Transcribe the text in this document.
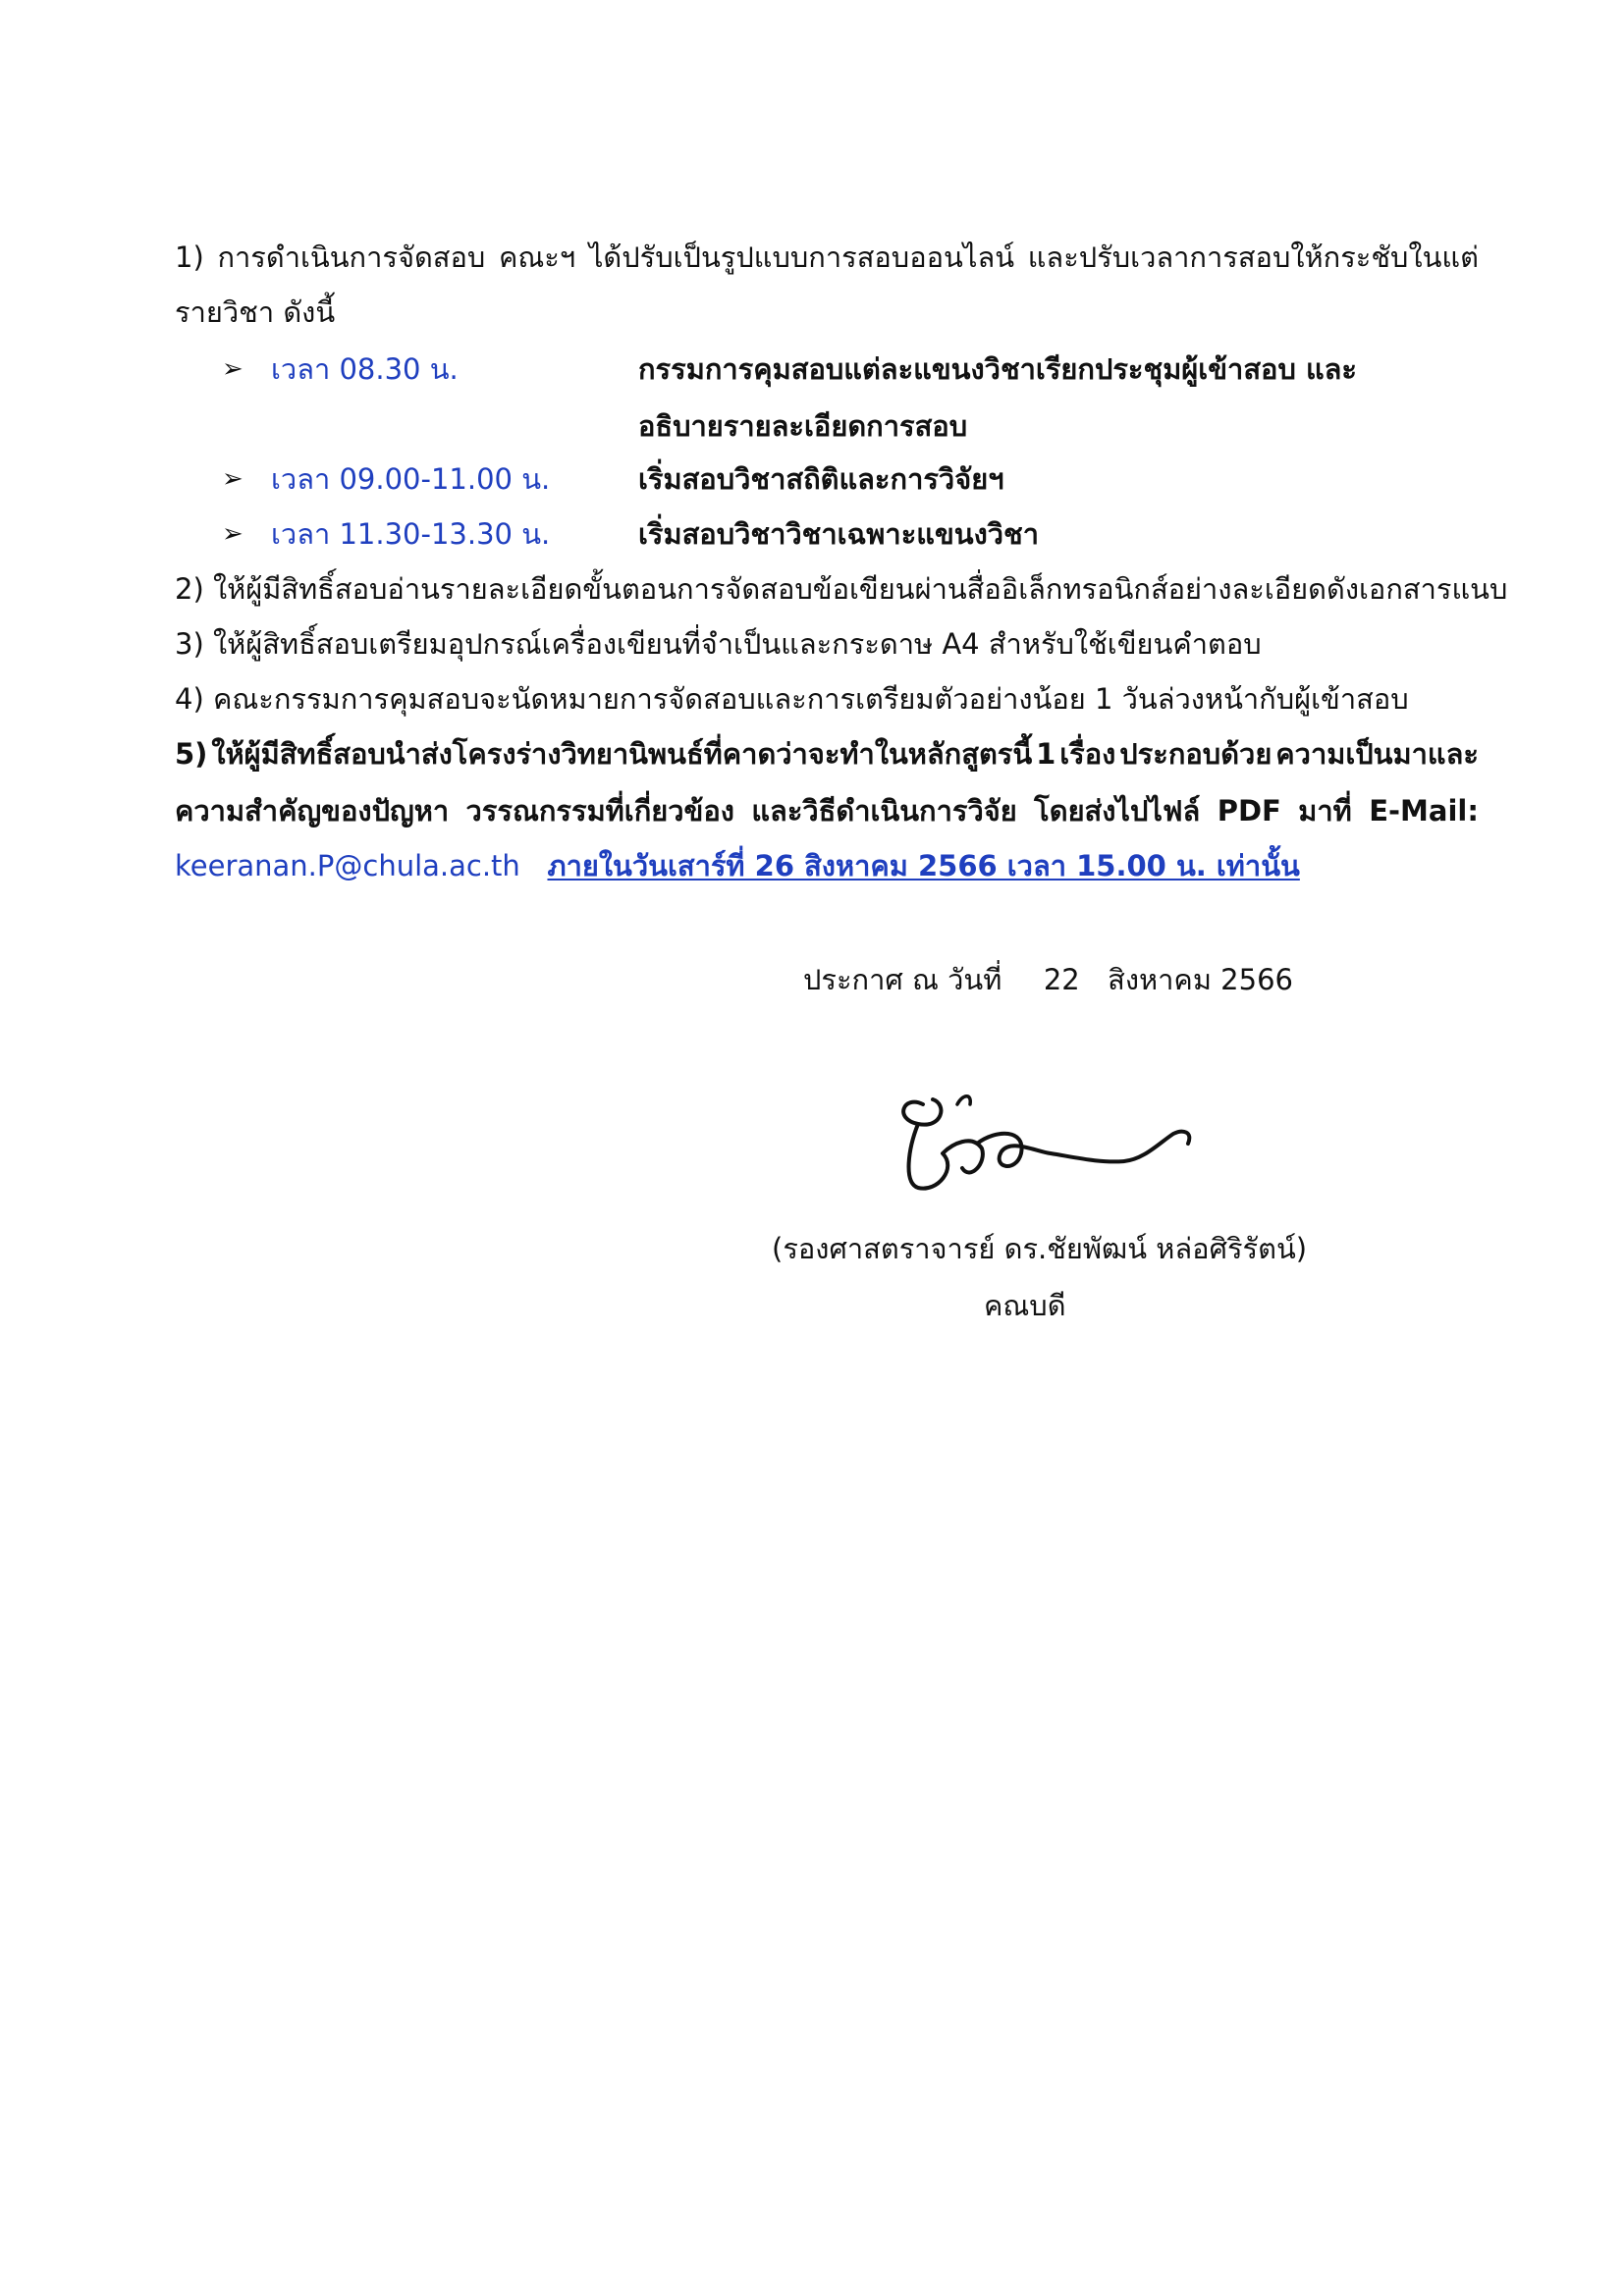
1) การดำเนินการจัดสอบ คณะฯ ได้ปรับเป็นรูปแบบการสอบออนไลน์ และปรับเวลาการสอบให้กระชับในแต่
รายวิชา ดังนี้
➢ เวลา 08.30 น.	กรรมการคุมสอบแต่ละแขนงวิชาเรียกประชุมผู้เข้าสอบ และ
อธิบายรายละเอียดการสอบ
➢ เวลา 09.00-11.00 น.	เริ่มสอบวิชาสถิติและการวิจัยฯ
➢ เวลา 11.30-13.30 น.	เริ่มสอบวิชาวิชาเฉพาะแขนงวิชา
2) ให้ผู้มีสิทธิ์สอบอ่านรายละเอียดขั้นตอนการจัดสอบข้อเขียนผ่านสื่ออิเล็กทรอนิกส์อย่างละเอียดดังเอกสารแนบ
3) ให้ผู้สิทธิ์สอบเตรียมอุปกรณ์เครื่องเขียนที่จำเป็นและกระดาษ A4 สำหรับใช้เขียนคำตอบ
4) คณะกรรมการคุมสอบจะนัดหมายการจัดสอบและการเตรียมตัวอย่างน้อย 1 วันล่วงหน้ากับผู้เข้าสอบ
5) ให้ผู้มีสิทธิ์สอบนำส่งโครงร่างวิทยานิพนธ์ที่คาดว่าจะทำในหลักสูตรนี้ 1 เรื่อง ประกอบด้วย ความเป็นมาและ
ความสำคัญของปัญหา วรรณกรรมที่เกี่ยวข้อง และวิธีดำเนินการวิจัย โดยส่งไปไฟล์ PDF มาที่ E-Mail:
keeranan.P@chula.ac.th ภายในวันเสาร์ที่ 26 สิงหาคม 2566 เวลา 15.00 น. เท่านั้น
ประกาศ ณ วันที่ 22 สิงหาคม 2566
(รองศาสตราจารย์ ดร.ชัยพัฒน์ หล่อศิริรัตน์)
คณบดี
